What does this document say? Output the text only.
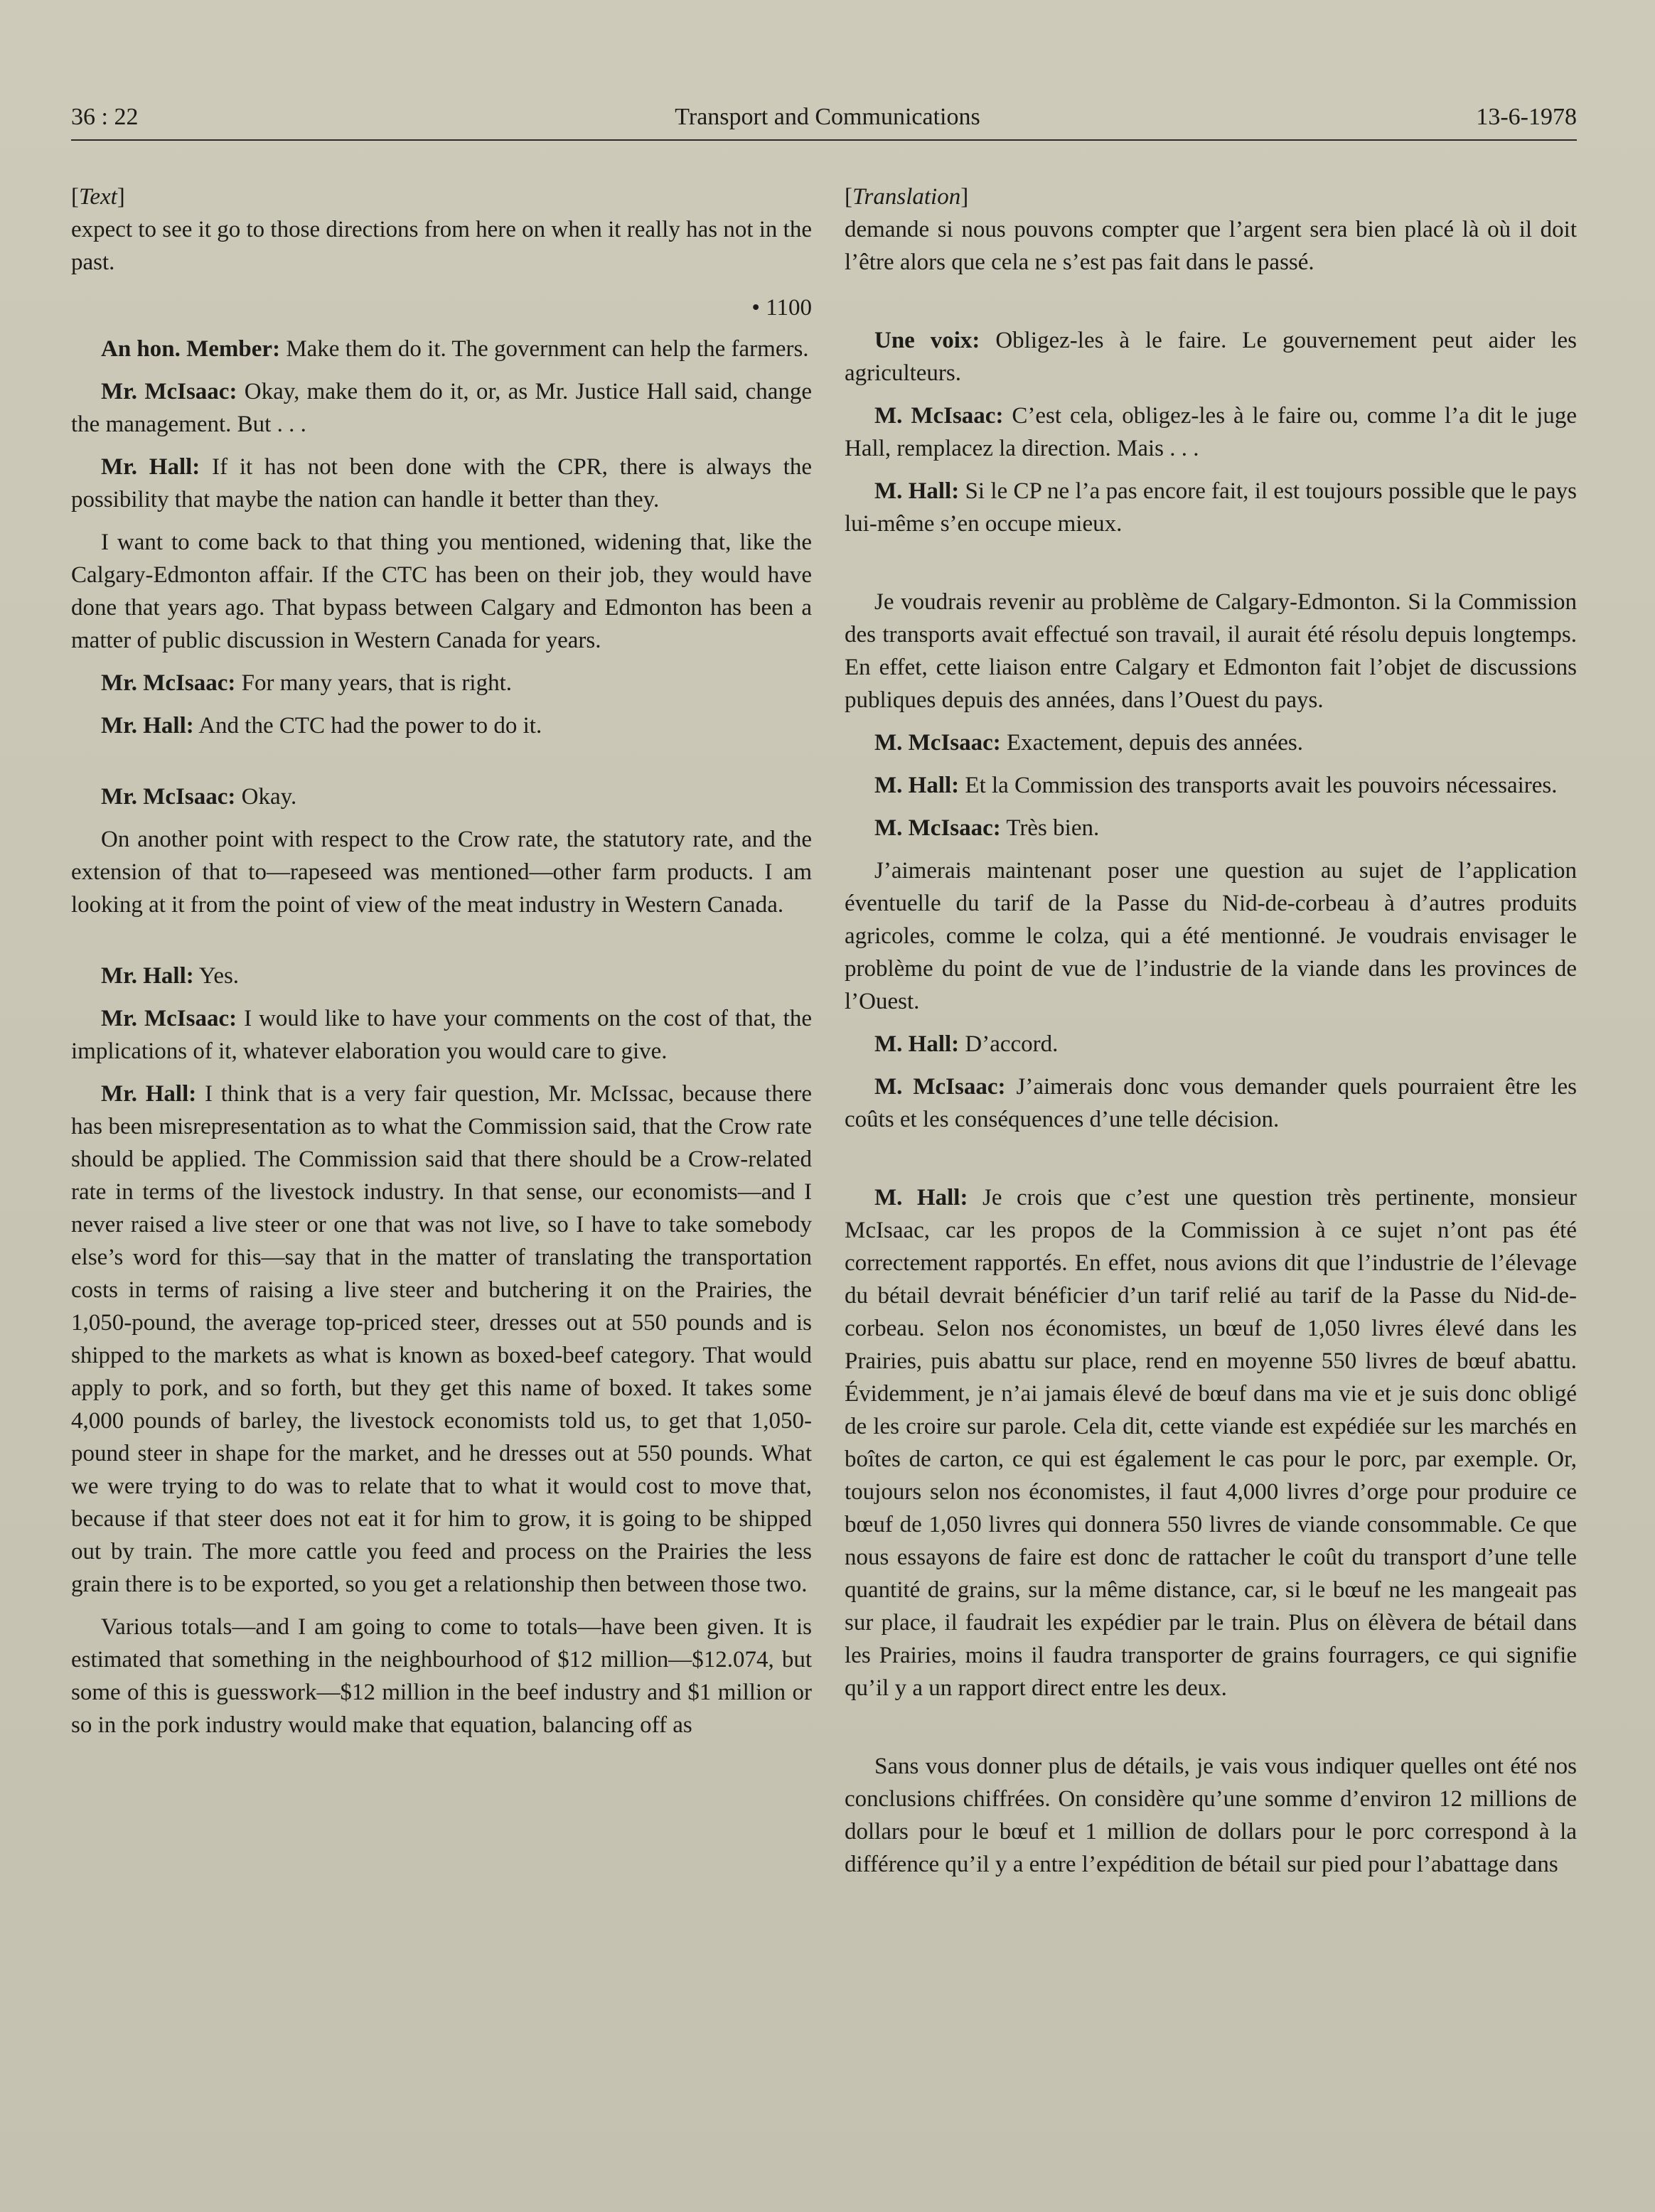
36 : 22	Transport and Communications	13-6-1978

[Text]

expect to see it go to those directions from here on when it really has not in the past.

• 1100

An hon. Member: Make them do it. The government can help the farmers.

Mr. McIsaac: Okay, make them do it, or, as Mr. Justice Hall said, change the management. But . . .

Mr. Hall: If it has not been done with the CPR, there is always the possibility that maybe the nation can handle it better than they.

I want to come back to that thing you mentioned, widening that, like the Calgary-Edmonton affair. If the CTC has been on their job, they would have done that years ago. That bypass between Calgary and Edmonton has been a matter of public discussion in Western Canada for years.

Mr. McIsaac: For many years, that is right.

Mr. Hall: And the CTC had the power to do it.

Mr. McIsaac: Okay.

On another point with respect to the Crow rate, the statutory rate, and the extension of that to—rapeseed was mentioned—other farm products. I am looking at it from the point of view of the meat industry in Western Canada.

Mr. Hall: Yes.

Mr. McIsaac: I would like to have your comments on the cost of that, the implications of it, whatever elaboration you would care to give.

Mr. Hall: I think that is a very fair question, Mr. McIssac, because there has been misrepresentation as to what the Commission said, that the Crow rate should be applied. The Commission said that there should be a Crow-related rate in terms of the livestock industry. In that sense, our economists—and I never raised a live steer or one that was not live, so I have to take somebody else’s word for this—say that in the matter of translating the transportation costs in terms of raising a live steer and butchering it on the Prairies, the 1,050-pound, the average top-priced steer, dresses out at 550 pounds and is shipped to the markets as what is known as boxed-beef category. That would apply to pork, and so forth, but they get this name of boxed. It takes some 4,000 pounds of barley, the livestock economists told us, to get that 1,050-pound steer in shape for the market, and he dresses out at 550 pounds. What we were trying to do was to relate that to what it would cost to move that, because if that steer does not eat it for him to grow, it is going to be shipped out by train. The more cattle you feed and process on the Prairies the less grain there is to be exported, so you get a relationship then between those two.

Various totals—and I am going to come to totals—have been given. It is estimated that something in the neighbourhood of $12 million—$12.074, but some of this is guesswork—$12 million in the beef industry and $1 million or so in the pork industry would make that equation, balancing off as

[Translation]

demande si nous pouvons compter que l’argent sera bien placé là où il doit l’être alors que cela ne s’est pas fait dans le passé.

Une voix: Obligez-les à le faire. Le gouvernement peut aider les agriculteurs.

M. McIsaac: C’est cela, obligez-les à le faire ou, comme l’a dit le juge Hall, remplacez la direction. Mais . . .

M. Hall: Si le CP ne l’a pas encore fait, il est toujours possible que le pays lui-même s’en occupe mieux.

Je voudrais revenir au problème de Calgary-Edmonton. Si la Commission des transports avait effectué son travail, il aurait été résolu depuis longtemps. En effet, cette liaison entre Calgary et Edmonton fait l’objet de discussions publiques depuis des années, dans l’Ouest du pays.

M. McIsaac: Exactement, depuis des années.

M. Hall: Et la Commission des transports avait les pouvoirs nécessaires.

M. McIsaac: Très bien.

J’aimerais maintenant poser une question au sujet de l’application éventuelle du tarif de la Passe du Nid-de-corbeau à d’autres produits agricoles, comme le colza, qui a été mentionné. Je voudrais envisager le problème du point de vue de l’industrie de la viande dans les provinces de l’Ouest.

M. Hall: D’accord.

M. McIsaac: J’aimerais donc vous demander quels pourraient être les coûts et les conséquences d’une telle décision.

M. Hall: Je crois que c’est une question très pertinente, monsieur McIsaac, car les propos de la Commission à ce sujet n’ont pas été correctement rapportés. En effet, nous avions dit que l’industrie de l’élevage du bétail devrait bénéficier d’un tarif relié au tarif de la Passe du Nid-de-corbeau. Selon nos économistes, un bœuf de 1,050 livres élevé dans les Prairies, puis abattu sur place, rend en moyenne 550 livres de bœuf abattu. Évidemment, je n’ai jamais élevé de bœuf dans ma vie et je suis donc obligé de les croire sur parole. Cela dit, cette viande est expédiée sur les marchés en boîtes de carton, ce qui est également le cas pour le porc, par exemple. Or, toujours selon nos économistes, il faut 4,000 livres d’orge pour produire ce bœuf de 1,050 livres qui donnera 550 livres de viande consommable. Ce que nous essayons de faire est donc de rattacher le coût du transport d’une telle quantité de grains, sur la même distance, car, si le bœuf ne les mangeait pas sur place, il faudrait les expédier par le train. Plus on élèvera de bétail dans les Prairies, moins il faudra transporter de grains fourragers, ce qui signifie qu’il y a un rapport direct entre les deux.

Sans vous donner plus de détails, je vais vous indiquer quelles ont été nos conclusions chiffrées. On considère qu’une somme d’environ 12 millions de dollars pour le bœuf et 1 million de dollars pour le porc correspond à la différence qu’il y a entre l’expédition de bétail sur pied pour l’abattage dans
